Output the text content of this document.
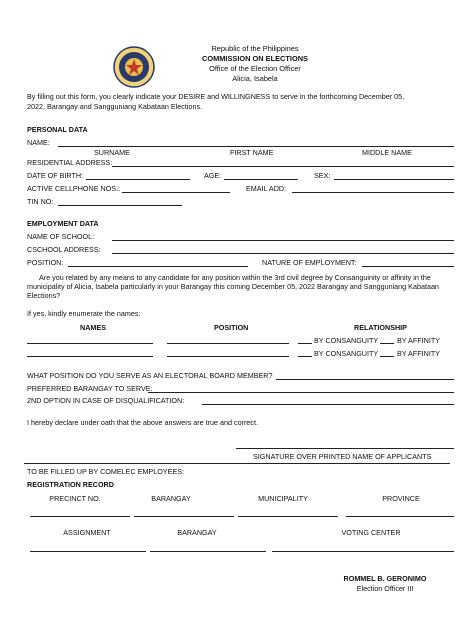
Republic of the Philippines
COMMISSION ON ELECTIONS
Office of the Election Officer
Alicia, Isabela
By filling out this form, you clearly indicate your DESIRE and WILLINGNESS to serve in the forthcoming December 05,
2022, Barangay and Sangguniang Kabataan Elections.
PERSONAL DATA
NAME:
SURNAME	FIRST NAME	MIDDLE NAME
RESIDENTIAL ADDRESS:
DATE OF BIRTH:	AGE:	SEX:
ACTIVE CELLPHONE NOS.:	EMAIL ADD:
TIN NO:
EMPLOYMENT DATA
NAME OF SCHOOL:
CSCHOOL ADDRESS:
POSITION:	NATURE OF EMPLOYMENT:
Are you related by any means to any candidate for any position within the 3rd civil degree by Consanguinity or affinity in the
municipality of Alicia, Isabela particularly in your Barangay this coming December 05, 2022 Barangay and Sangguniang Kabataan
Elections?
If yes, kindly enumerate the names:
NAMES	POSITION	RELATIONSHIP
BY CONSANGUITY	BY AFFINITY
BY CONSANGUITY	BY AFFINITY
WHAT POSITION DO YOU SERVE AS AN ELECTORAL BOARD MEMBER?
PREFERRED BARANGAY TO SERVE:
2ND OPTION IN CASE OF DISQUALIFICATION:
I hereby declare under oath that the above answers are true and correct.
SIGNATURE OVER PRINTED NAME OF APPLICANTS
TO BE FILLED UP BY COMELEC EMPLOYEES:
REGISTRATION RECORD
PRECINCT NO.	BARANGAY	MUNICIPALITY	PROVINCE
ASSIGNMENT	BARANGAY	VOTING CENTER
ROMMEL B. GERONIMO
Election Officer III
